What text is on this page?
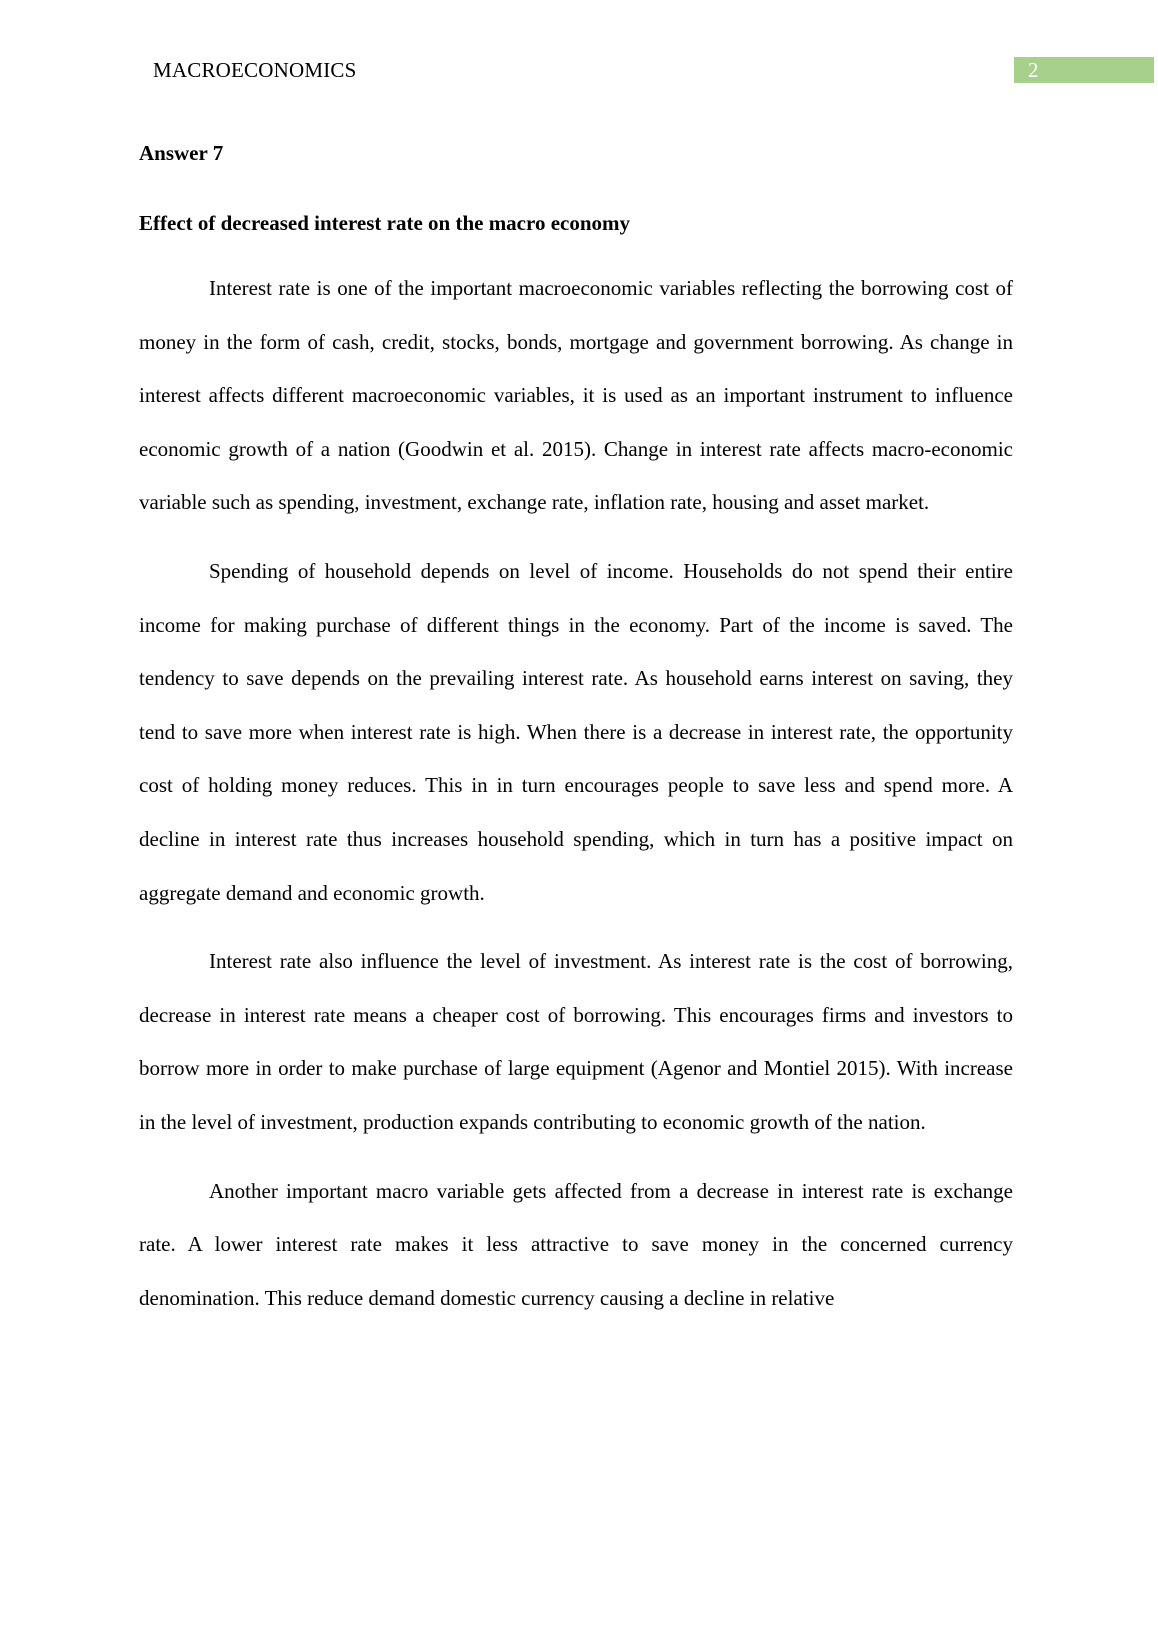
MACROECONOMICS	2
Answer 7
Effect of decreased interest rate on the macro economy

Interest rate is one of the important macroeconomic variables reflecting the borrowing cost of money in the form of cash, credit, stocks, bonds, mortgage and government borrowing. As change in interest affects different macroeconomic variables, it is used as an important instrument to influence economic growth of a nation (Goodwin et al. 2015). Change in interest rate affects macro-economic variable such as spending, investment, exchange rate, inflation rate, housing and asset market.

Spending of household depends on level of income. Households do not spend their entire income for making purchase of different things in the economy. Part of the income is saved. The tendency to save depends on the prevailing interest rate. As household earns interest on saving, they tend to save more when interest rate is high. When there is a decrease in interest rate, the opportunity cost of holding money reduces. This in in turn encourages people to save less and spend more. A decline in interest rate thus increases household spending, which in turn has a positive impact on aggregate demand and economic growth.

Interest rate also influence the level of investment. As interest rate is the cost of borrowing, decrease in interest rate means a cheaper cost of borrowing. This encourages firms and investors to borrow more in order to make purchase of large equipment (Agenor and Montiel 2015). With increase in the level of investment, production expands contributing to economic growth of the nation.

Another important macro variable gets affected from a decrease in interest rate is exchange rate. A lower interest rate makes it less attractive to save money in the concerned currency denomination. This reduce demand domestic currency causing a decline in relative
